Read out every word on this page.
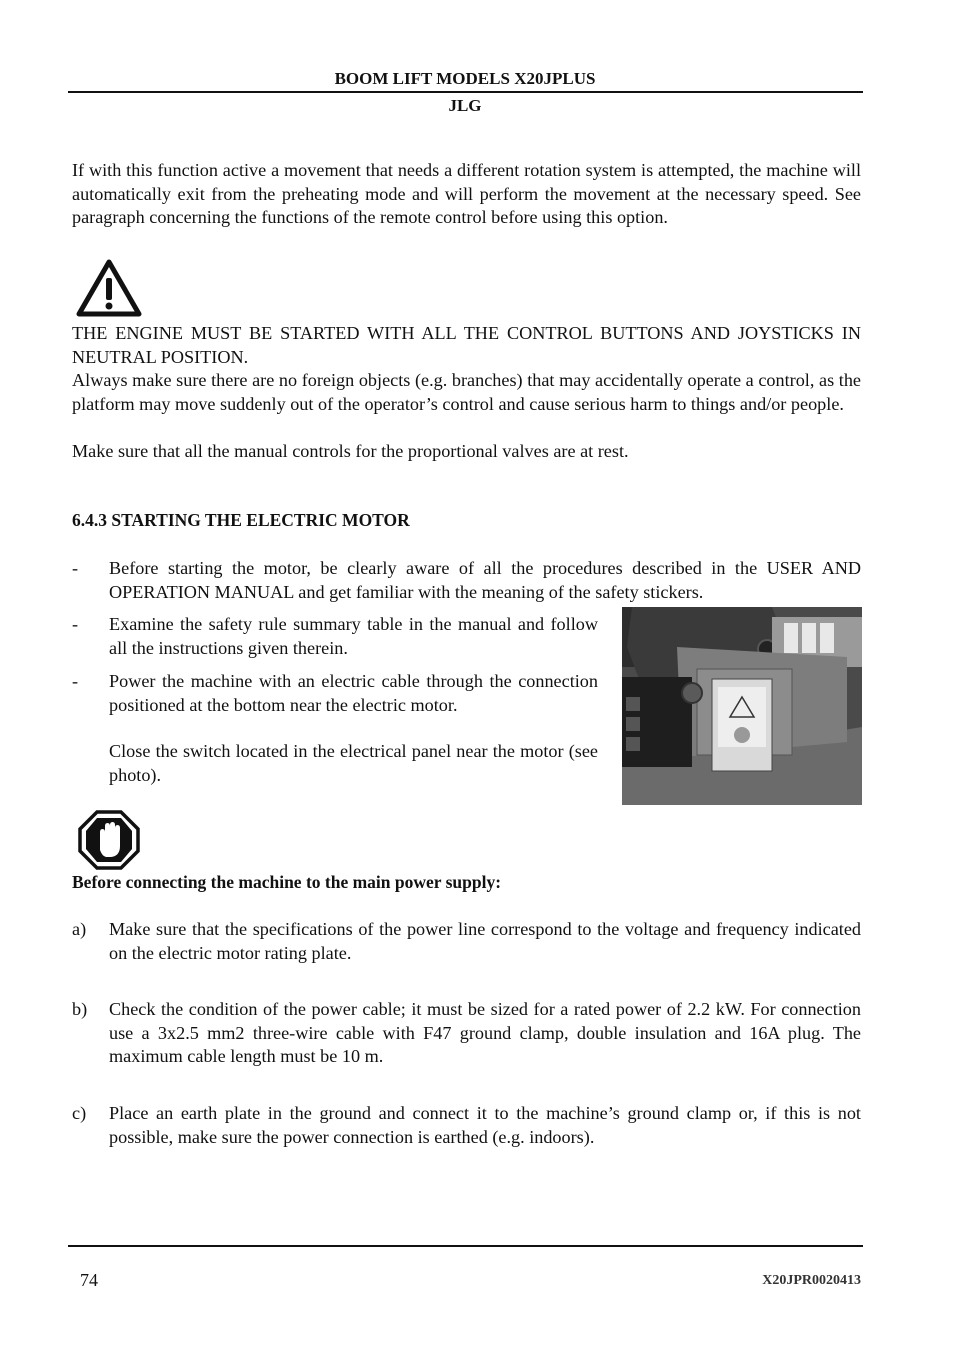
BOOM LIFT MODELS X20JPLUS
JLG

If with this function active a movement that needs a different rotation system is attempted, the machine will automatically exit from the preheating mode and will perform the movement at the necessary speed. See paragraph concerning the functions of the remote control before using this option.

THE ENGINE MUST BE STARTED WITH ALL THE CONTROL BUTTONS AND JOYSTICKS IN NEUTRAL POSITION.

Always make sure there are no foreign objects (e.g. branches) that may accidentally operate a control, as the platform may move suddenly out of the operator’s control and cause serious harm to things and/or people.

Make sure that all the manual controls for the proportional valves are at rest.

6.4.3 STARTING THE ELECTRIC MOTOR
- Before starting the motor, be clearly aware of all the procedures described in the USER AND OPERATION MANUAL and get familiar with the meaning of the safety stickers.
- Examine the safety rule summary table in the manual and follow all the instructions given therein.
- Power the machine with an electric cable through the connection positioned at the bottom near the electric motor.
Close the switch located in the electrical panel near the motor (see photo).
Before connecting the machine to the main power supply:
a) Make sure that the specifications of the power line correspond to the voltage and frequency indicated on the electric motor rating plate.
b) Check the condition of the power cable; it must be sized for a rated power of 2.2 kW. For connection use a 3x2.5 mm2 three-wire cable with F47 ground clamp, double insulation and 16A plug. The maximum cable length must be 10 m.
c) Place an earth plate in the ground and connect it to the machine’s ground clamp or, if this is not possible, make sure the power connection is earthed (e.g. indoors).
74	X20JPR0020413
